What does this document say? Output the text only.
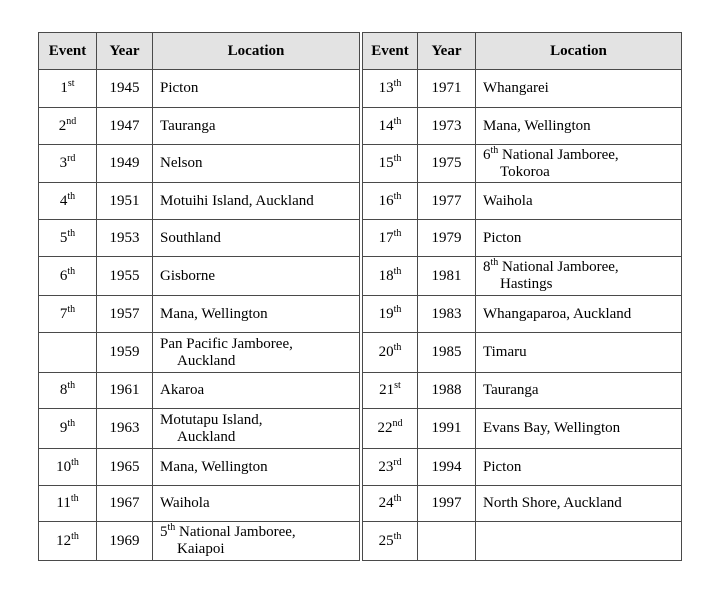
Event	Year	Location
1st	1945	Picton

2nd	1947	Tauranga

3rd	1949	Nelson

4th	1951	Motuihi Island, Auckland

5th	1953	Southland

6th	1955	Gisborne

7th	1957	Mana, Wellington

	1959	Pan Pacific Jamboree,
Auckland

8th	1961	Akaroa

9th	1963	Motutapu Island,
Auckland

10th	1965	Mana, Wellington

11th	1967	Waihola

12th	1969	5th National Jamboree,
Kaiapoi
Event	Year	Location
13th	1971	Whangarei

14th	1973	Mana, Wellington

15th	1975	6th National Jamboree,
Tokoroa

16th	1977	Waihola

17th	1979	Picton

18th	1981	8th National Jamboree,
Hastings

19th	1983	Whangaparoa, Auckland

20th	1985	Timaru

21st	1988	Tauranga

22nd	1991	Evans Bay, Wellington

23rd	1994	Picton

24th	1997	North Shore, Auckland

25th		
